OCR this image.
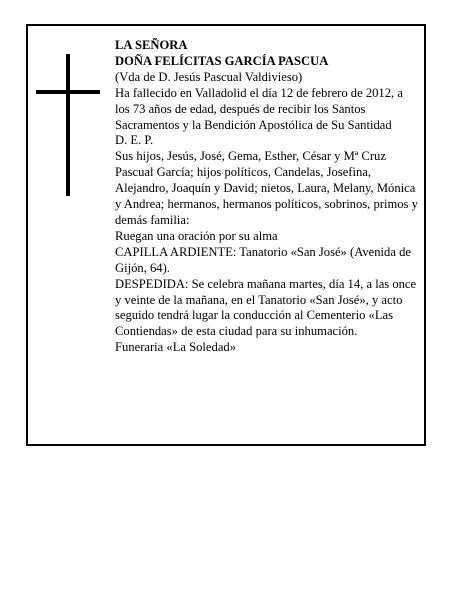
LA SEÑORA

DOÑA FELÍCITAS GARCÍA PASCUA

(Vda de D. Jesús Pascual Valdivieso)

Ha fallecido en Valladolid el día 12 de febrero de 2012, a los 73 años de edad, después de recibir los Santos Sacramentos y la Bendición Apostólica de Su Santidad

D. E. P.

Sus hijos, Jesús, José, Gema, Esther, César y Mª Cruz Pascual García; hijos políticos, Candelas, Josefina, Alejandro, Joaquín y David; nietos, Laura, Melany, Mónica y Andrea; hermanos, hermanos políticos, sobrinos, primos y demás familia:

Ruegan una oración por su alma

CAPILLA ARDIENTE: Tanatorio «San José» (Avenida de Gijón, 64).

DESPEDIDA: Se celebra mañana martes, día 14, a las once y veinte de la mañana, en el Tanatorio «San José», y acto seguido tendrá lugar la conducción al Cementerio «Las Contiendas» de esta ciudad para su inhumación.

Funeraria «La Soledad»
